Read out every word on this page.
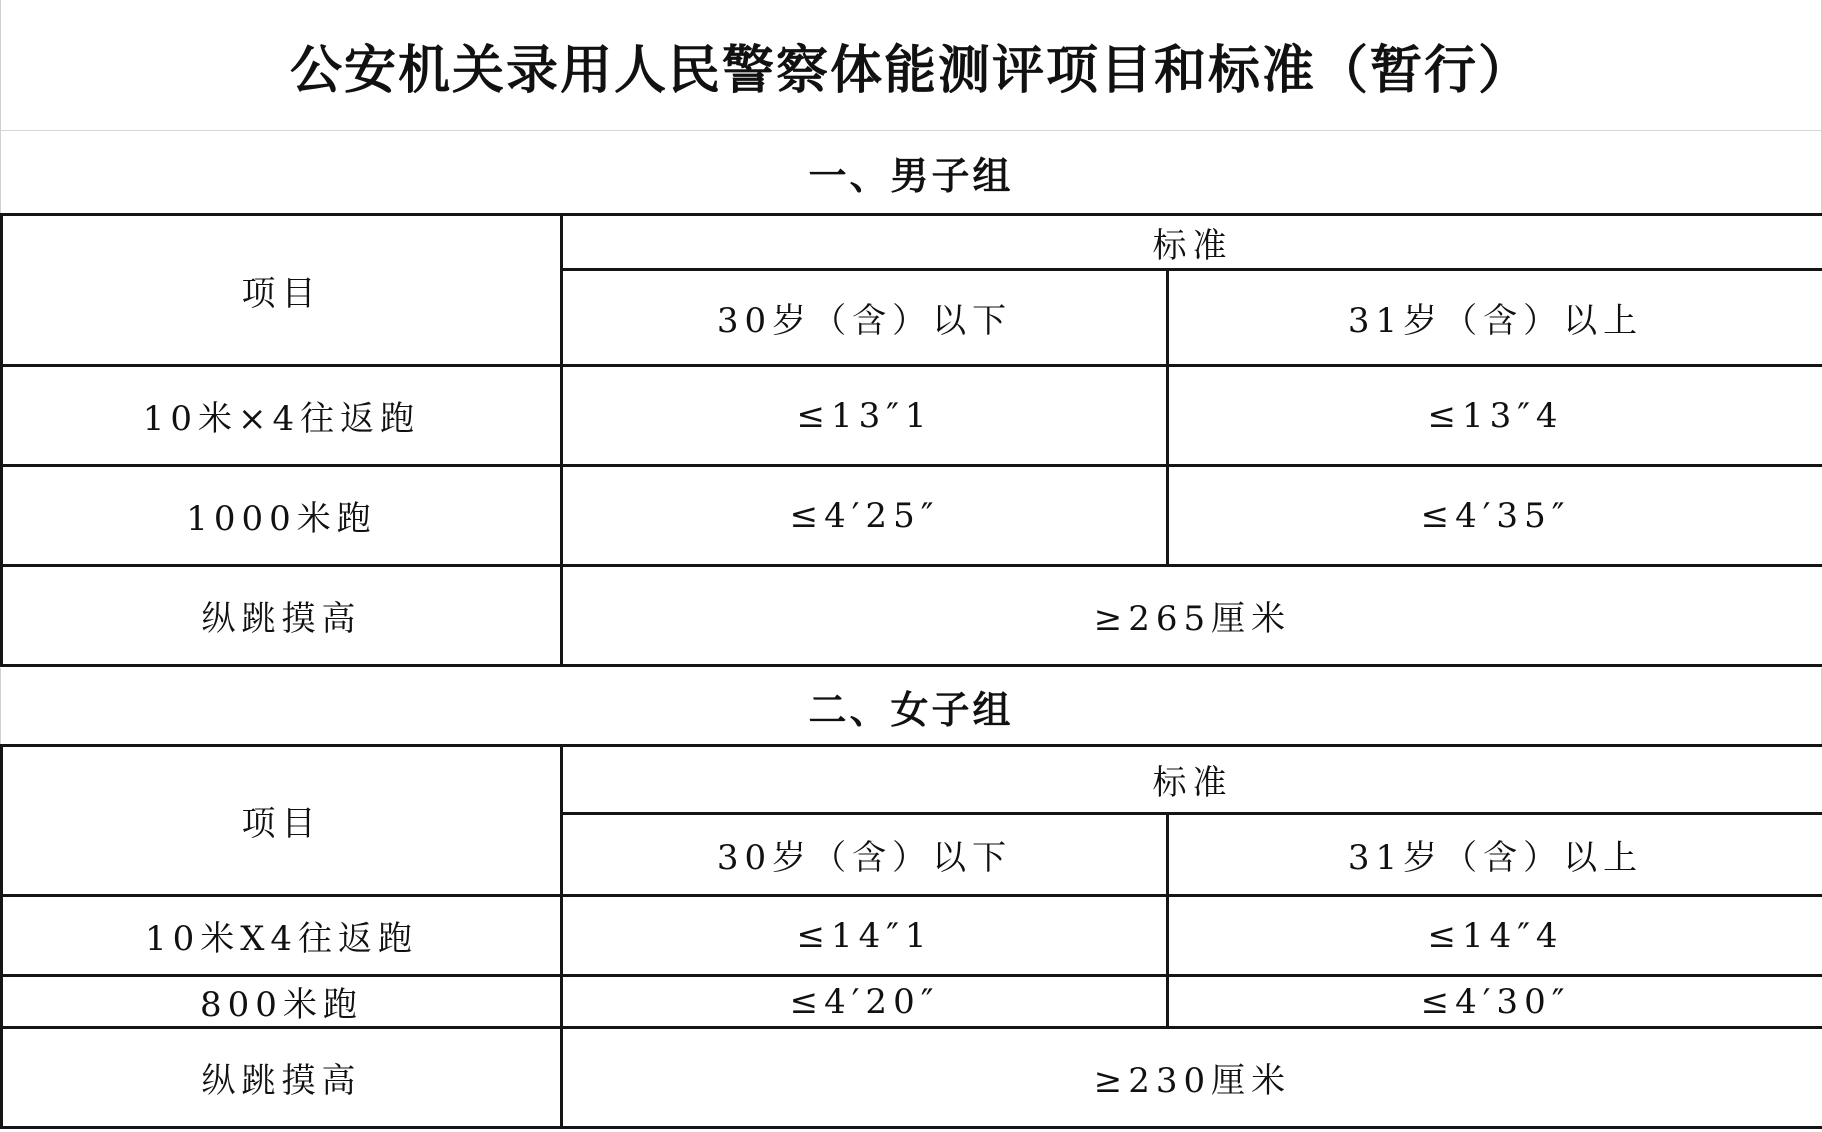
公安机关录用人民警察体能测评项目和标准（暂行）
一、男子组
项目	标准	
	30岁（含）以下	31岁（含）以上
10米×4往返跑	≤13″1	≤13″4
1000米跑	≤4′25″	≤4′35″
纵跳摸高	≥265厘米	
二、女子组
项目	标准	
	30岁（含）以下	31岁（含）以上
10米X4往返跑	≤14″1	≤14″4
800米跑	≤4′20″	≤4′30″
纵跳摸高	≥230厘米	
